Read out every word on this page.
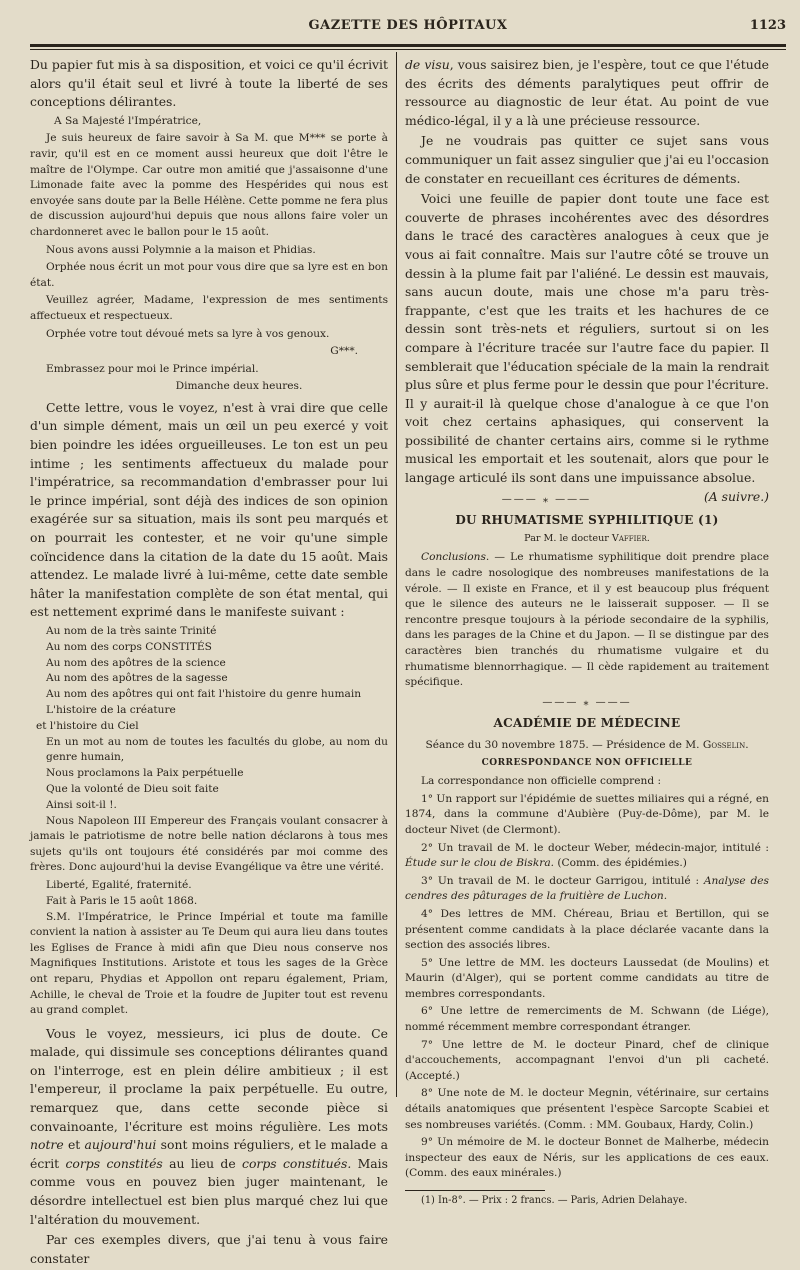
GAZETTE DES HÔPITAUX	1123

Du papier fut mis à sa disposition, et voici ce qu'il écrivit alors qu'il était seul et livré à toute la liberté de ses conceptions délirantes.

A Sa Majesté l'Impératrice,

Je suis heureux de faire savoir à Sa M. que M*** se porte à ravir, qu'il est en ce moment aussi heureux que doit l'être le maître de l'Olympe. Car outre mon amitié que j'assaisonne d'une Limonade faite avec la pomme des Hespérides qui nous est envoyée sans doute par la Belle Hélène. Cette pomme ne fera plus de discussion aujourd'hui depuis que nous allons faire voler un chardonneret avec le ballon pour le 15 août.

Nous avons aussi Polymnie a la maison et Phidias.

Orphée nous écrit un mot pour vous dire que sa lyre est en bon état.

Veuillez agréer, Madame, l'expression de mes sentiments affectueux et respectueux.

Orphée votre tout dévoué mets sa lyre à vos genoux.

G***.

Embrassez pour moi le Prince impérial.

Dimanche deux heures.

Cette lettre, vous le voyez, n'est à vrai dire que celle d'un simple dément, mais un œil un peu exercé y voit bien poindre les idées orgueilleuses. Le ton est un peu intime ; les sentiments affectueux du malade pour l'impératrice, sa recommandation d'embrasser pour lui le prince impérial, sont déjà des indices de son opinion exagérée sur sa situation, mais ils sont peu marqués et on pourrait les contester, et ne voir qu'une simple coïncidence dans la citation de la date du 15 août. Mais attendez. Le malade livré à lui-même, cette date semble hâter la manifestation complète de son état mental, qui est nettement exprimé dans le manifeste suivant :

Au nom de la très sainte Trinité

Au nom des corps CONSTITÉS

Au nom des apôtres de la science

Au nom des apôtres de la sagesse

Au nom des apôtres qui ont fait l'histoire du genre humain

L'histoire de la créature

et l'histoire du Ciel

En un mot au nom de toutes les facultés du globe, au nom du genre humain,

Nous proclamons la Paix perpétuelle

Que la volonté de Dieu soit faite

Ainsi soit-il !.

Nous Napoleon III Empereur des Français voulant consacrer à jamais le patriotisme de notre belle nation déclarons à tous mes sujets qu'ils ont toujours été considérés par moi comme des frères. Donc aujourd'hui la devise Evangélique va être une vérité.

Liberté, Egalité, fraternité.

Fait à Paris le 15 août 1868.

S.M. l'Impératrice, le Prince Impérial et toute ma famille convient la nation à assister au Te Deum qui aura lieu dans toutes les Eglises de France à midi afin que Dieu nous conserve nos Magnifiques Institutions. Aristote et tous les sages de la Grèce ont reparu, Phydias et Appollon ont reparu également, Priam, Achille, le cheval de Troie et la foudre de Jupiter tout est revenu au grand complet.

Vous le voyez, messieurs, ici plus de doute. Ce malade, qui dissimule ses conceptions délirantes quand on l'interroge, est en plein délire ambitieux ; il est l'empereur, il proclame la paix perpétuelle. Eu outre, remarquez que, dans cette seconde pièce si convainoante, l'écriture est moins régulière. Les mots notre et aujourd'hui sont moins réguliers, et le malade a écrit corps constités au lieu de corps constitués. Mais comme vous en pouvez bien juger maintenant, le désordre intellectuel est bien plus marqué chez lui que l'altération du mouvement.

Par ces exemples divers, que j'ai tenu à vous faire constater

de visu, vous saisirez bien, je l'espère, tout ce que l'étude des écrits des déments paralytiques peut offrir de ressource au diagnostic de leur état. Au point de vue médico-légal, il y a là une précieuse ressource.

Je ne voudrais pas quitter ce sujet sans vous communiquer un fait assez singulier que j'ai eu l'occasion de constater en recueillant ces écritures de déments.

Voici une feuille de papier dont toute une face est couverte de phrases incohérentes avec des désordres dans le tracé des caractères analogues à ceux que je vous ai fait connaître. Mais sur l'autre côté se trouve un dessin à la plume fait par l'aliéné. Le dessin est mauvais, sans aucun doute, mais une chose m'a paru très-frappante, c'est que les traits et les hachures de ce dessin sont très-nets et réguliers, surtout si on les compare à l'écriture tracée sur l'autre face du papier. Il semblerait que l'éducation spéciale de la main la rendrait plus sûre et plus ferme pour le dessin que pour l'écriture. Il y aurait-il là quelque chose d'analogue à ce que l'on voit chez certains aphasiques, qui conservent la possibilité de chanter certains airs, comme si le rythme musical les emportait et les soutenait, alors que pour le langage articulé ils sont dans une impuissance absolue.
(A suivre.)

——— ⁎ ———
DU RHUMATISME SYPHILITIQUE (1)

Par M. le docteur Vaffier.

Conclusions. — Le rhumatisme syphilitique doit prendre place dans le cadre nosologique des nombreuses manifestations de la vérole. — Il existe en France, et il y est beaucoup plus fréquent que le silence des auteurs ne le laisserait supposer. — Il se rencontre presque toujours à la période secondaire de la syphilis, dans les parages de la Chine et du Japon. — Il se distingue par des caractères bien tranchés du rhumatisme vulgaire et du rhumatisme blennorrhagique. — Il cède rapidement au traitement spécifique.

——— ⁎ ———
ACADÉMIE DE MÉDECINE

Séance du 30 novembre 1875. — Présidence de M. Gosselin.

CORRESPONDANCE NON OFFICIELLE

La correspondance non officielle comprend :

1° Un rapport sur l'épidémie de suettes miliaires qui a régné, en 1874, dans la commune d'Aubière (Puy-de-Dôme), par M. le docteur Nivet (de Clermont).

2° Un travail de M. le docteur Weber, médecin-major, intitulé : Étude sur le clou de Biskra. (Comm. des épidémies.)

3° Un travail de M. le docteur Garrigou, intitulé : Analyse des cendres des pâturages de la fruitière de Luchon.

4° Des lettres de MM. Chéreau, Briau et Bertillon, qui se présentent comme candidats à la place déclarée vacante dans la section des associés libres.

5° Une lettre de MM. les docteurs Laussedat (de Moulins) et Maurin (d'Alger), qui se portent comme candidats au titre de membres correspondants.

6° Une lettre de remerciments de M. Schwann (de Liége), nommé récemment membre correspondant étranger.

7° Une lettre de M. le docteur Pinard, chef de clinique d'accouchements, accompagnant l'envoi d'un pli cacheté. (Accepté.)

8° Une note de M. le docteur Megnin, vétérinaire, sur certains détails anatomiques que présentent l'espèce Sarcopte Scabiei et ses nombreuses variétés. (Comm. : MM. Goubaux, Hardy, Colin.)

9° Un mémoire de M. le docteur Bonnet de Malherbe, médecin inspecteur des eaux de Néris, sur les applications de ces eaux. (Comm. des eaux minérales.)

(1) In-8°. — Prix : 2 francs. — Paris, Adrien Delahaye.
